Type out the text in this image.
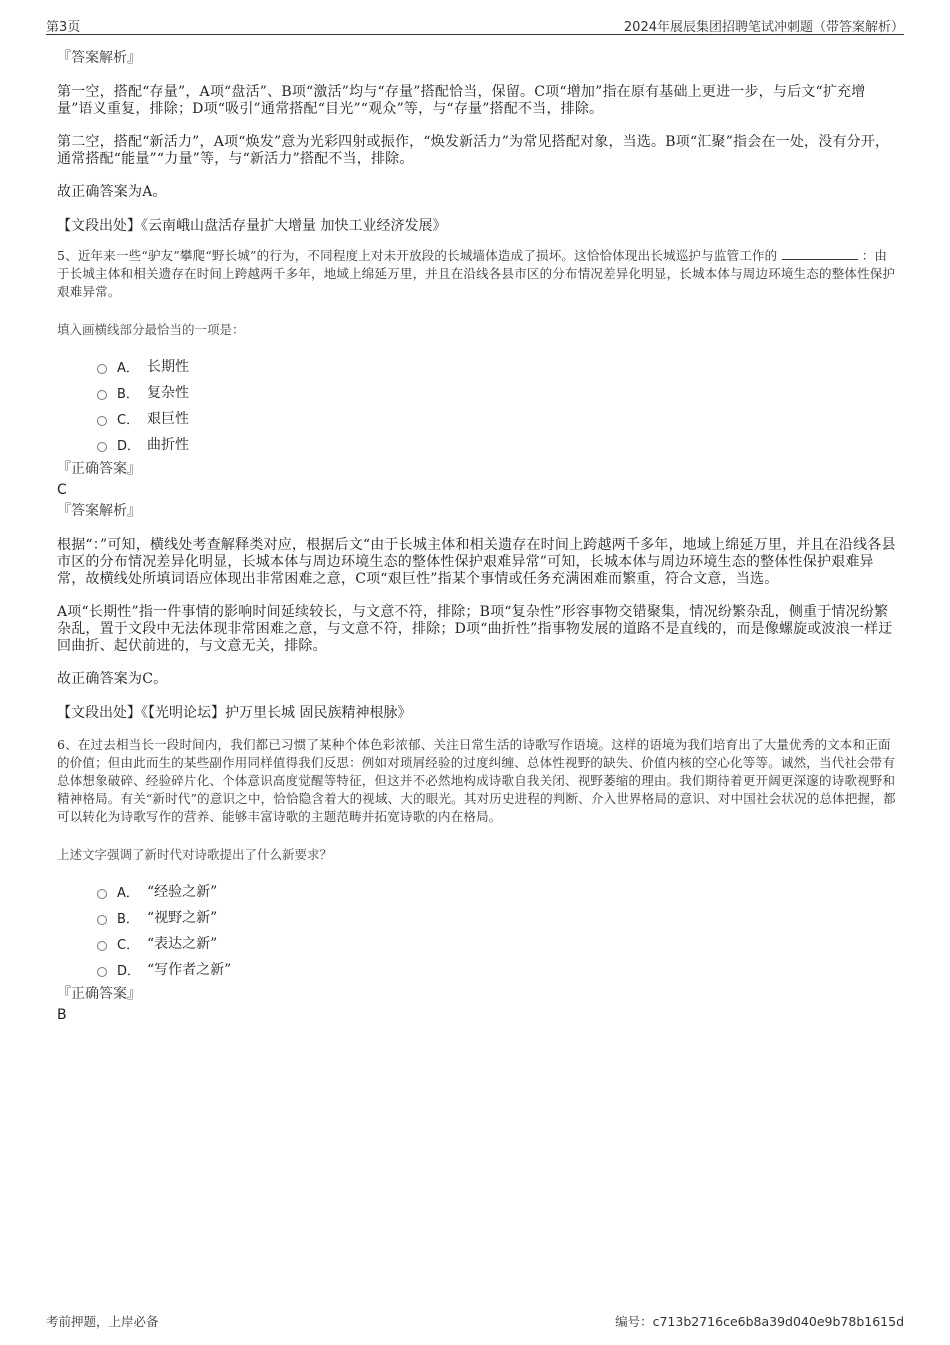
第3页	2024年展辰集团招聘笔试冲刺题（带答案解析）
『答案解析』

第一空，搭配“存量”，A项“盘活”、B项“激活”均与“存量”搭配恰当，保留。C项“增加”指在原有基础上更进一步，与后文“扩充增量”语义重复，排除；D项“吸引”通常搭配“目光”“观众”等，与“存量”搭配不当，排除。

第二空，搭配“新活力”，A项“焕发”意为光彩四射或振作，“焕发新活力”为常见搭配对象，当选。B项“汇聚”指会在一处，没有分开，通常搭配“能量”“力量”等，与“新活力”搭配不当，排除。

故正确答案为A。

【文段出处】《云南峨山盘活存量扩大增量 加快工业经济发展》
5、近年来一些“驴友”攀爬“野长城”的行为，不同程度上对未开放段的长城墙体造成了损坏。这恰恰体现出长城巡护与监管工作的	：由于长城主体和相关遗存在时间上跨越两千多年，地域上绵延万里，并且在沿线各县市区的分布情况差异化明显，长城本体与周边环境生态的整体性保护艰难异常。
填入画横线部分最恰当的一项是：
A． 长期性
B． 复杂性
C． 艰巨性
D． 曲折性
『正确答案』
C
『答案解析』

根据“：”可知，横线处考查解释类对应，根据后文“由于长城主体和相关遗存在时间上跨越两千多年，地域上绵延万里，并且在沿线各县市区的分布情况差异化明显，长城本体与周边环境生态的整体性保护艰难异常”可知，长城本体与周边环境生态的整体性保护艰难异常，故横线处所填词语应体现出非常困难之意，C项“艰巨性”指某个事情或任务充满困难而繁重，符合文意，当选。

A项“长期性”指一件事情的影响时间延续较长，与文意不符，排除；B项“复杂性”形容事物交错聚集，情况纷繁杂乱，侧重于情况纷繁杂乱，置于文段中无法体现非常困难之意，与文意不符，排除；D项“曲折性”指事物发展的道路不是直线的，而是像螺旋或波浪一样迂回曲折、起伏前进的，与文意无关，排除。

故正确答案为C。

【文段出处】《【光明论坛】护万里长城 固民族精神根脉》
6、在过去相当长一段时间内，我们都已习惯了某种个体色彩浓郁、关注日常生活的诗歌写作语境。这样的语境为我们培育出了大量优秀的文本和正面的价值；但由此而生的某些副作用同样值得我们反思：例如对琐屑经验的过度纠缠、总体性视野的缺失、价值内核的空心化等等。诚然，当代社会带有总体想象破碎、经验碎片化、个体意识高度觉醒等特征，但这并不必然地构成诗歌自我关闭、视野萎缩的理由。我们期待着更开阔更深邃的诗歌视野和精神格局。有关“新时代”的意识之中，恰恰隐含着大的视域、大的眼光。其对历史进程的判断、介入世界格局的意识、对中国社会状况的总体把握，都可以转化为诗歌写作的营养、能够丰富诗歌的主题范畴并拓宽诗歌的内在格局。
上述文字强调了新时代对诗歌提出了什么新要求？
A． “经验之新”
B． “视野之新”
C． “表达之新”
D． “写作者之新”
『正确答案』
B
考前押题，上岸必备	编号：c713b2716ce6b8a39d040e9b78b1615d
